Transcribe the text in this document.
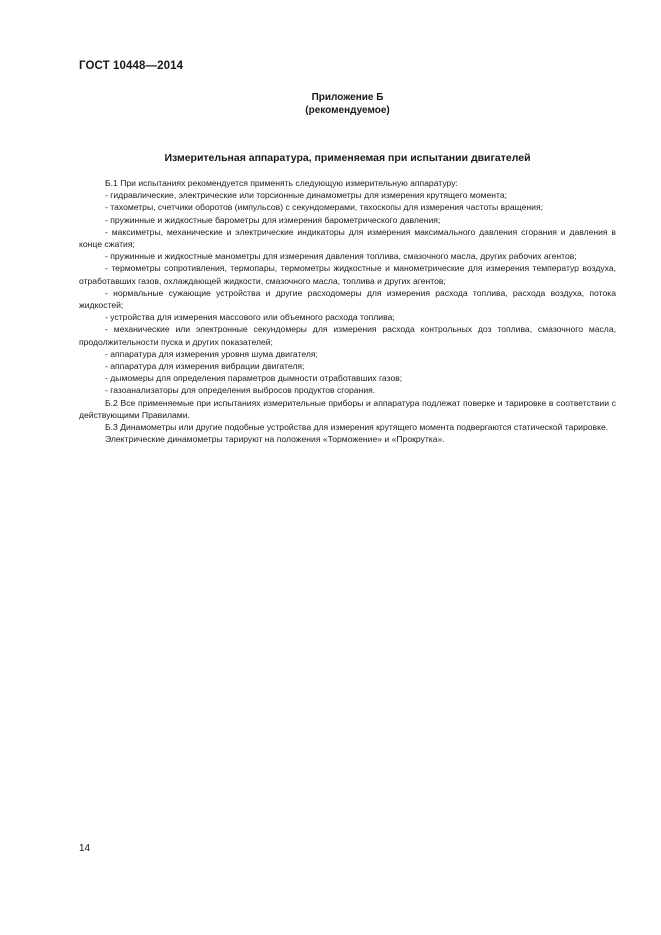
ГОСТ 10448—2014
Приложение Б
(рекомендуемое)
Измерительная аппаратура, применяемая при испытании двигателей

Б.1 При испытаниях рекомендуется применять следующую измерительную аппаратуру:

- гидравлические, электрические или торсионные динамометры для измерения крутящего момента;

- тахометры, счетчики оборотов (импульсов) с секундомерами, тахоскопы для измерения частоты вращения;

- пружинные и жидкостные барометры для измерения барометрического давления;

- максиметры, механические и электрические индикаторы для измерения максимального давления сгорания и давления в конце сжатия;

- пружинные и жидкостные манометры для измерения давления топлива, смазочного масла, других рабочих агентов;

- термометры сопротивления, термопары, термометры жидкостные и манометрические для измерения температур воздуха, отработавших газов, охлаждающей жидкости, смазочного масла, топлива и других агентов;

- нормальные сужающие устройства и другие расходомеры для измерения расхода топлива, расхода воздуха, потока жидкостей;

- устройства для измерения массового или объемного расхода топлива;

- механические или электронные секундомеры для измерения расхода контрольных доз топлива, смазочного масла, продолжительности пуска и других показателей;

- аппаратура для измерения уровня шума двигателя;

- аппаратура для измерения вибрации двигателя;

- дымомеры для определения параметров дымности отработавших газов;

- газоанализаторы для определения выбросов продуктов сгорания.

Б.2 Все применяемые при испытаниях измерительные приборы и аппаратура подлежат поверке и тарировке в соответствии с действующими Правилами.

Б.3 Динамометры или другие подобные устройства для измерения крутящего момента подвергаются статической тарировке.

Электрические динамометры тарируют на положения «Торможение» и «Прокрутка».

14
